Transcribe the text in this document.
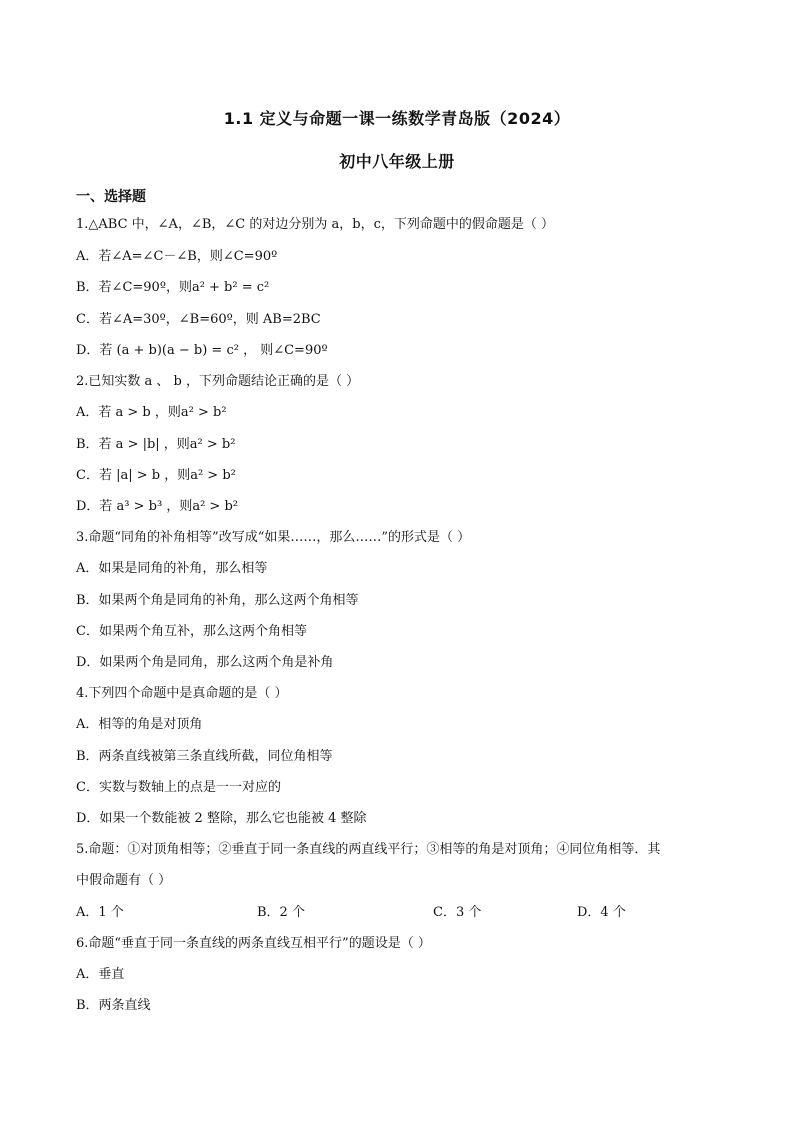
1.1 定义与命题一课一练数学青岛版（2024）
初中八年级上册
一、选择题
1.△ABC 中，∠A，∠B，∠C 的对边分别为 a，b，c，下列命题中的假命题是（ ）
A．若∠A=∠C－∠B，则∠C=90º
B．若∠C=90º，则a² + b² = c²
C．若∠A=30º，∠B=60º，则 AB=2BC
D．若 (a + b)(a − b) = c² ， 则∠C=90º
2.已知实数 a 、 b ，下列命题结论正确的是（ ）
A．若 a > b ，则a² > b²
B．若 a > |b| ，则a² > b²
C．若 |a| > b ，则a² > b²
D．若 a³ > b³ ，则a² > b²
3.命题“同角的补角相等”改写成“如果……，那么……”的形式是（ ）
A．如果是同角的补角，那么相等
B．如果两个角是同角的补角，那么这两个角相等
C．如果两个角互补，那么这两个角相等
D．如果两个角是同角，那么这两个角是补角
4.下列四个命题中是真命题的是（ ）
A．相等的角是对顶角
B．两条直线被第三条直线所截，同位角相等
C．实数与数轴上的点是一一对应的
D．如果一个数能被 2 整除，那么它也能被 4 整除
5.命题：①对顶角相等；②垂直于同一条直线的两直线平行；③相等的角是对顶角；④同位角相等．其
中假命题有（ ）
A．1 个	B．2 个	C．3 个	D．4 个
6.命题“垂直于同一条直线的两条直线互相平行”的题设是（ ）
A．垂直
B．两条直线
